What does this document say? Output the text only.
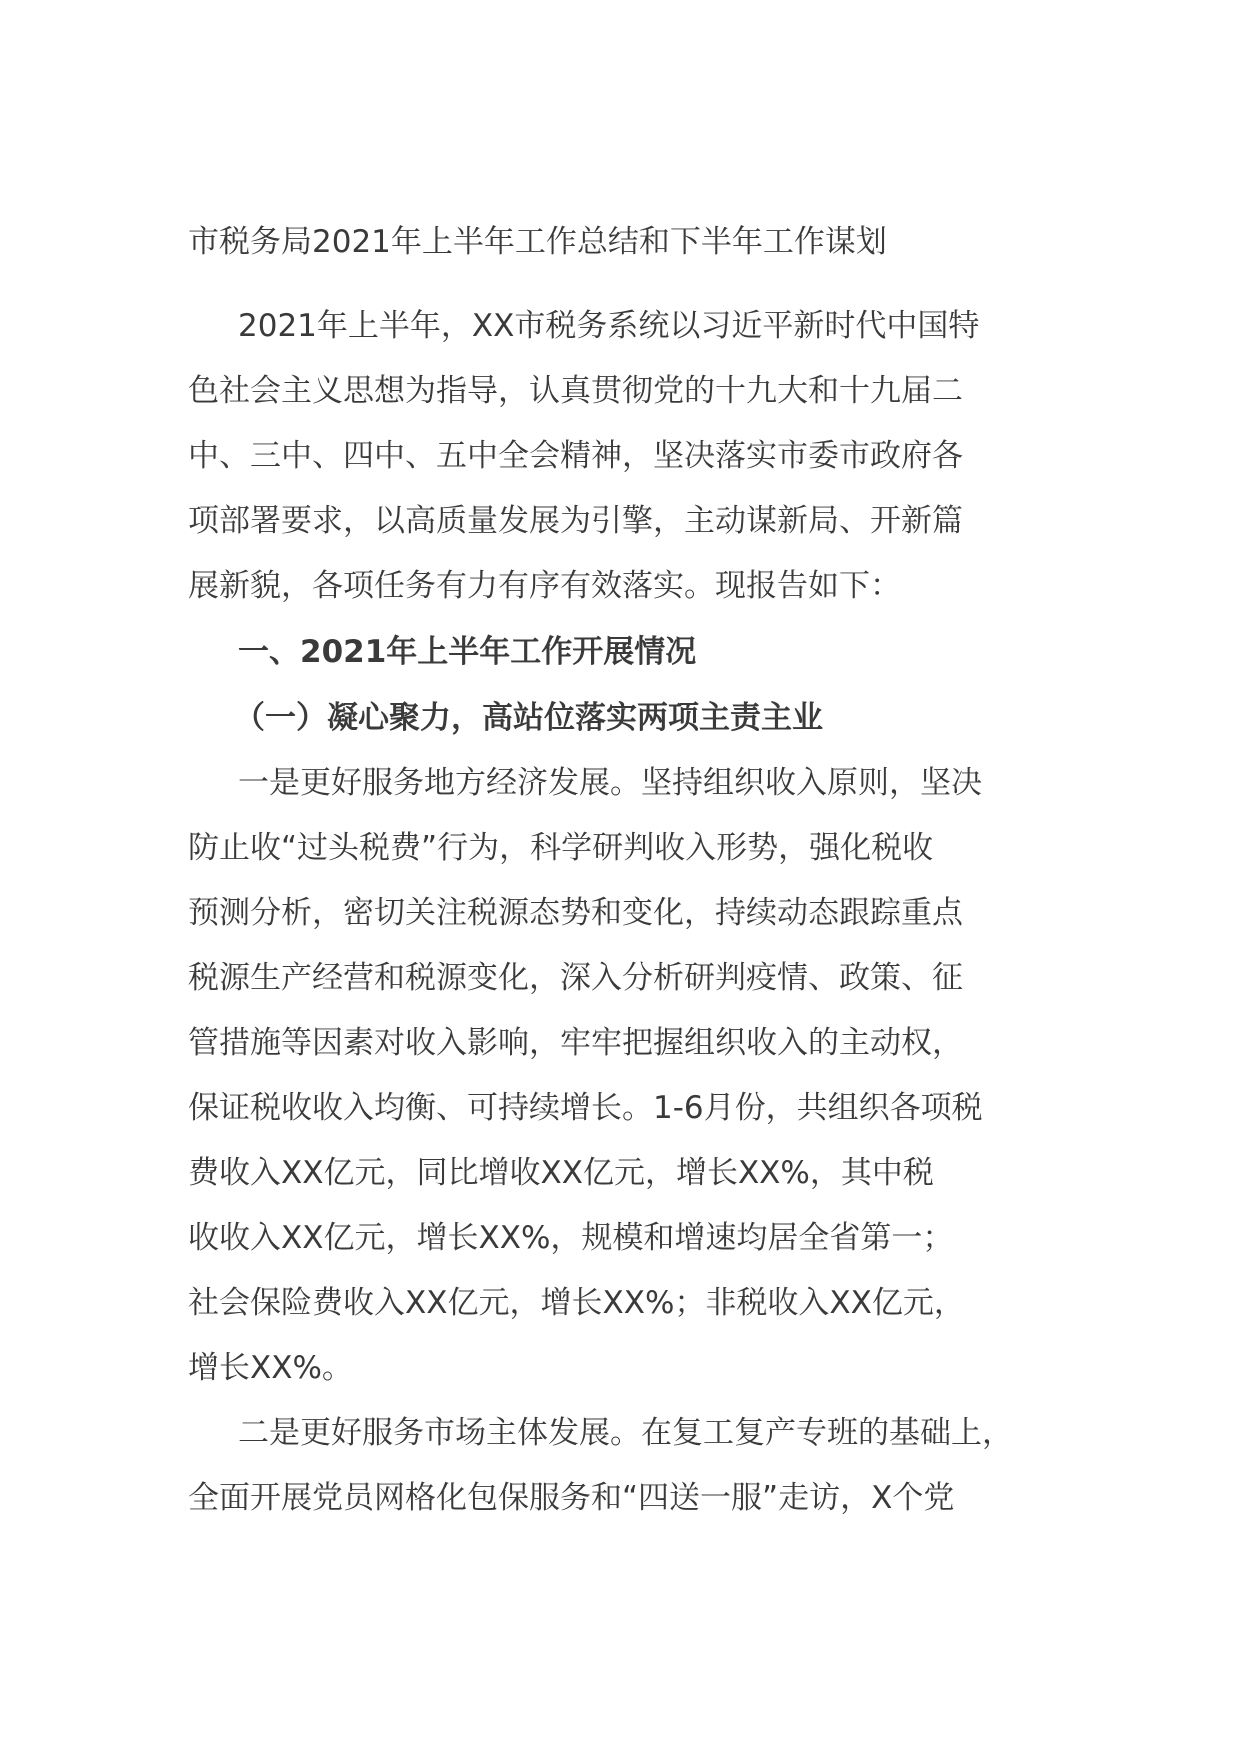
市税务局2021年上半年工作总结和下半年工作谋划

2021年上半年，XX市税务系统以习近平新时代中国特

色社会主义思想为指导，认真贯彻党的十九大和十九届二

中、三中、四中、五中全会精神，坚决落实市委市政府各

项部署要求，以高质量发展为引擎，主动谋新局、开新篇

展新貌，各项任务有力有序有效落实。现报告如下：

一、2021年上半年工作开展情况
（一）凝心聚力，高站位落实两项主责主业

一是更好服务地方经济发展。坚持组织收入原则，坚决

防止收“过头税费”行为，科学研判收入形势，强化税收

预测分析，密切关注税源态势和变化，持续动态跟踪重点

税源生产经营和税源变化，深入分析研判疫情、政策、征

管措施等因素对收入影响，牢牢把握组织收入的主动权，

保证税收收入均衡、可持续增长。1-6月份，共组织各项税

费收入XX亿元，同比增收XX亿元，增长XX%，其中税

收收入XX亿元，增长XX%，规模和增速均居全省第一；

社会保险费收入XX亿元，增长XX%；非税收入XX亿元，

增长XX%。

二是更好服务市场主体发展。在复工复产专班的基础上，

全面开展党员网格化包保服务和“四送一服”走访，X个党
